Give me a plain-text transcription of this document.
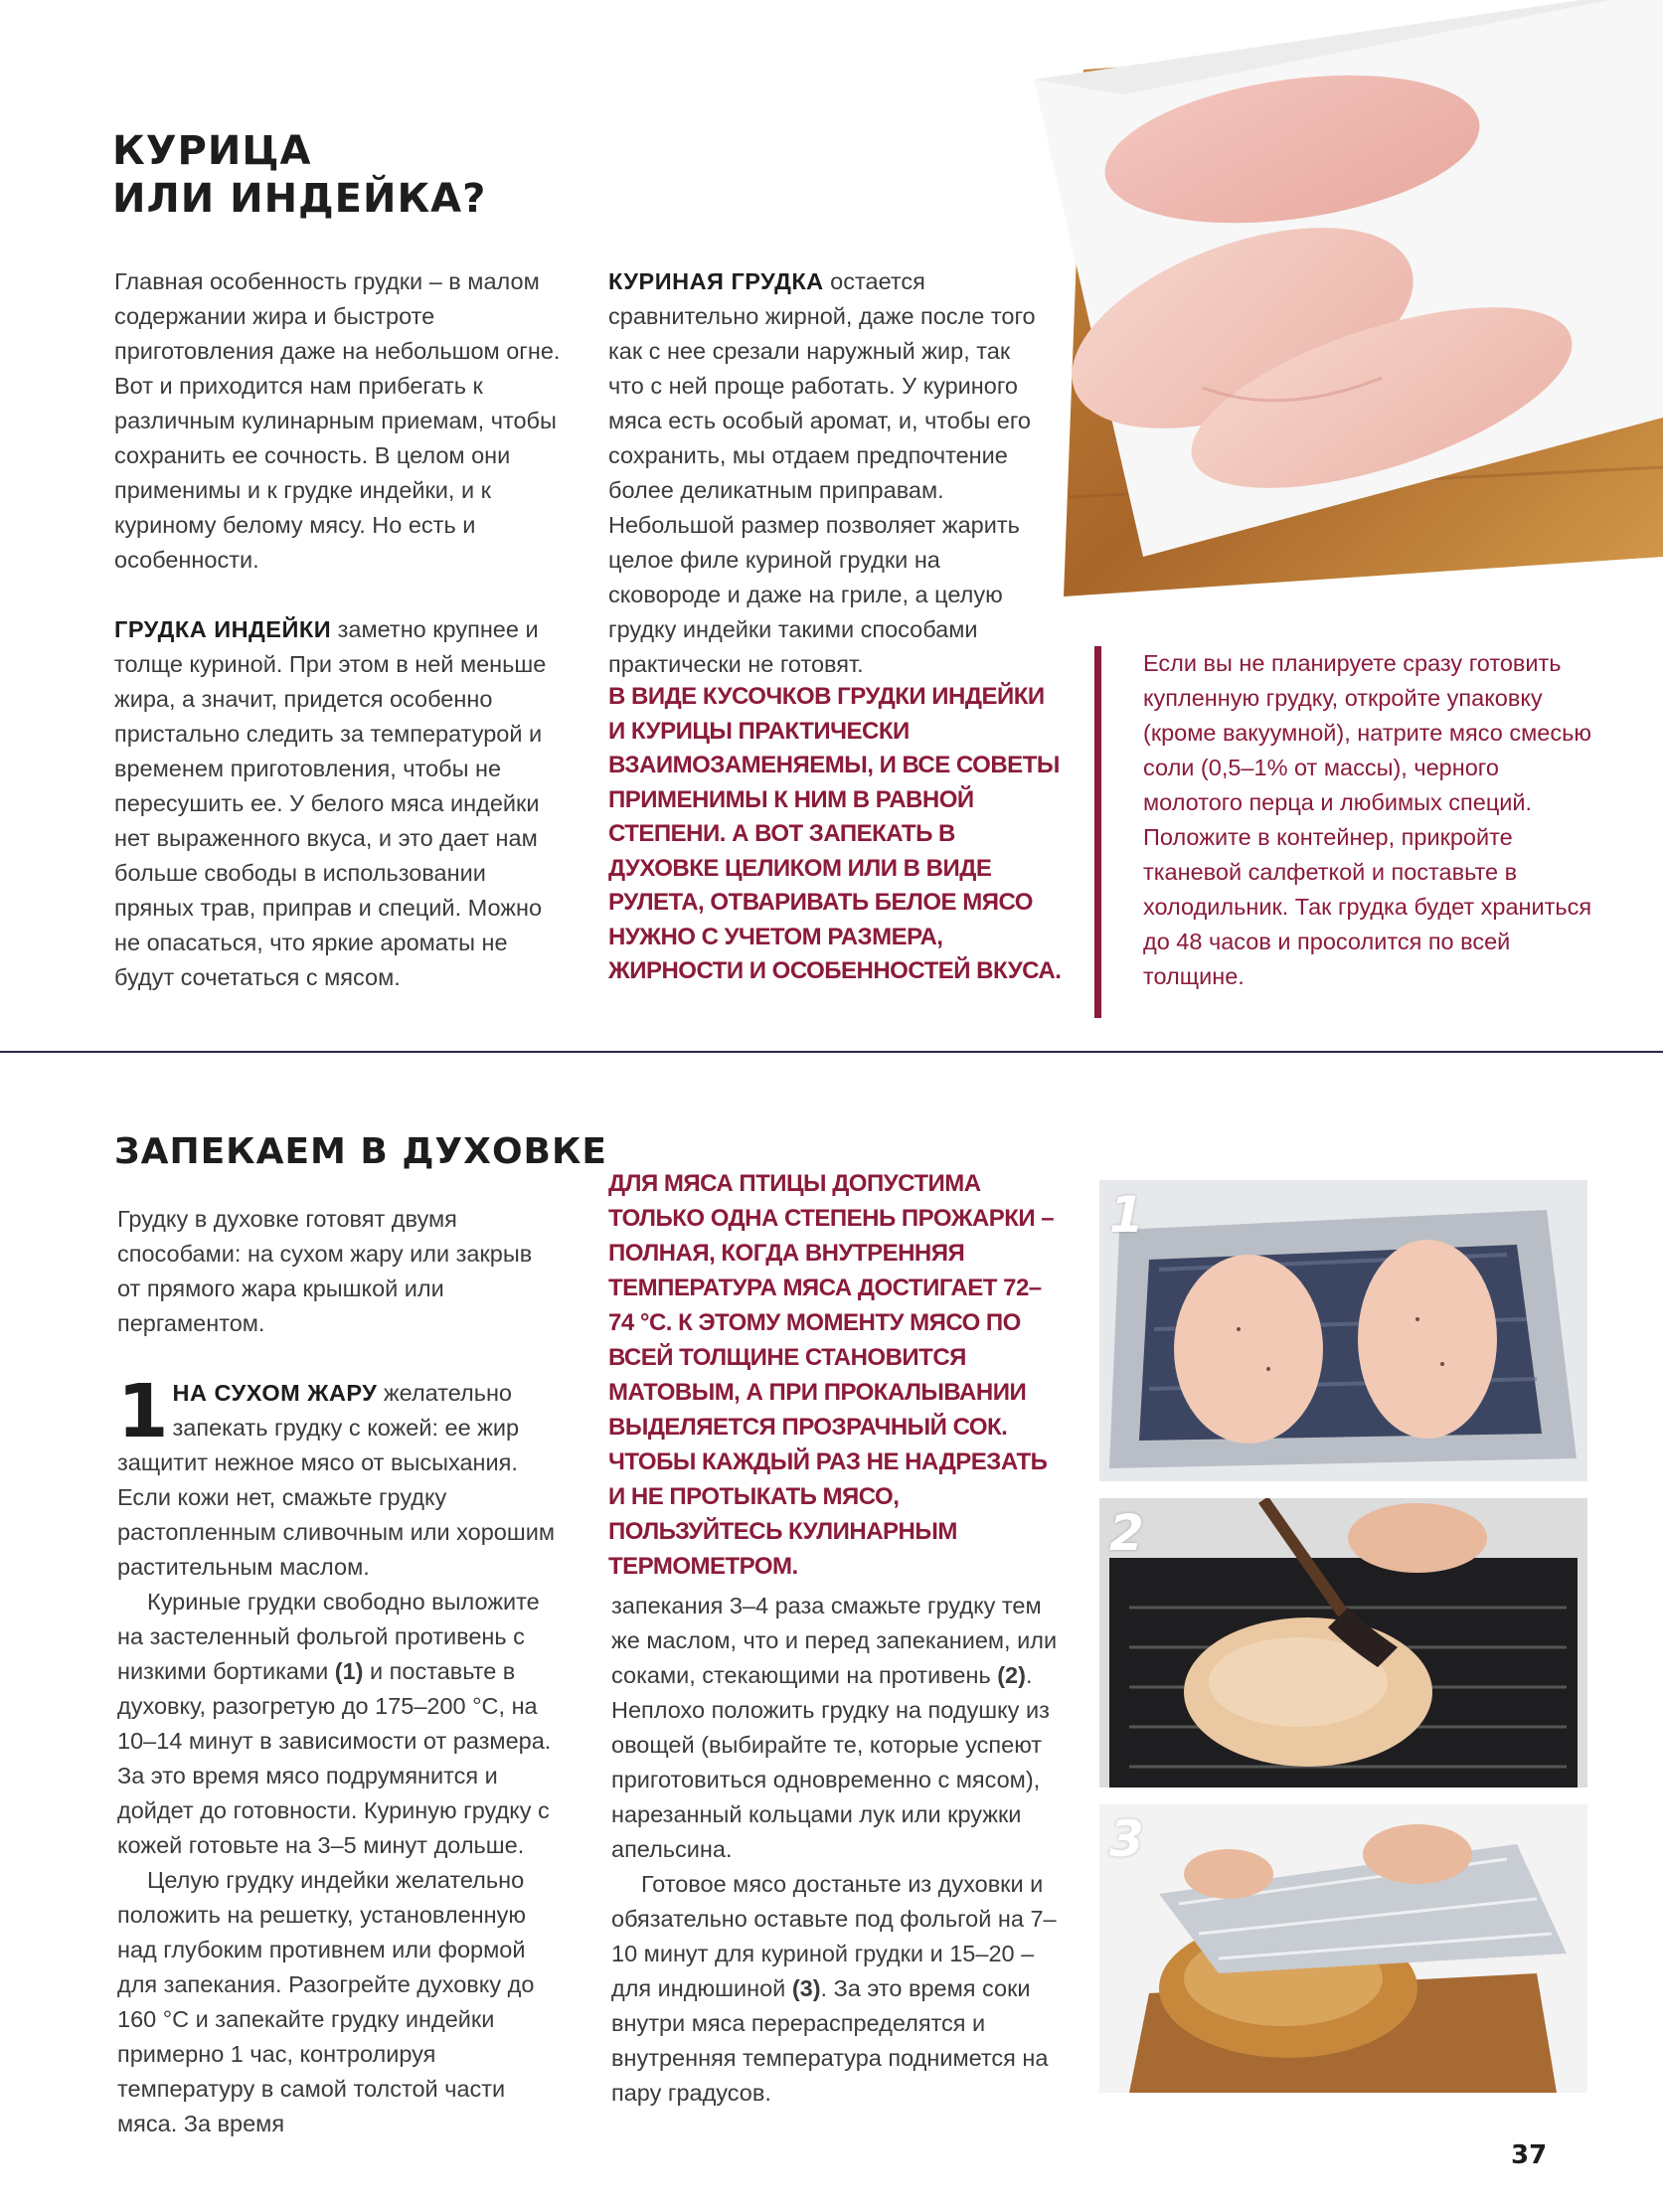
КУРИЦА
ИЛИ ИНДЕЙКА?

Главная особенность грудки – в малом содержании жира и быстроте приготовления даже на небольшом огне. Вот и приходится нам прибегать к различным кулинарным приемам, чтобы сохранить ее сочность. В целом они применимы и к грудке индейки, и к куриному белому мясу. Но есть и особенности.

ГРУДКА ИНДЕЙКИ заметно крупнее и толще куриной. При этом в ней меньше жира, а значит, придется особенно пристально следить за температурой и временем приготовления, чтобы не пересушить ее. У белого мяса индейки нет выраженного вкуса, и это дает нам больше свободы в использовании пряных трав, приправ и специй. Можно не опасаться, что яркие ароматы не будут сочетаться с мясом.

КУРИНАЯ ГРУДКА остается сравнительно жирной, даже после того как с нее срезали наружный жир, так что с ней проще работать. У куриного мяса есть особый аромат, и, чтобы его сохранить, мы отдаем предпочтение более деликатным приправам. Небольшой размер позволяет жарить целое филе куриной грудки на сковороде и даже на гриле, а целую грудку индейки такими способами практически не готовят.

В ВИДЕ КУСОЧКОВ ГРУДКИ ИНДЕЙКИ И КУРИЦЫ ПРАКТИЧЕСКИ ВЗАИМОЗАМЕНЯЕМЫ, И ВСЕ СОВЕТЫ ПРИМЕНИМЫ К НИМ В РАВНОЙ СТЕПЕНИ. А ВОТ ЗАПЕКАТЬ В ДУХОВКЕ ЦЕЛИКОМ ИЛИ В ВИДЕ РУЛЕТА, ОТВАРИВАТЬ БЕЛОЕ МЯСО НУЖНО С УЧЕТОМ РАЗМЕРА, ЖИРНОСТИ И ОСОБЕННОСТЕЙ ВКУСА.

Если вы не планируете сразу готовить купленную грудку, откройте упаковку (кроме вакуумной), натрите мясо смесью соли (0,5–1% от массы), черного молотого перца и любимых специй. Положите в контейнер, прикройте тканевой салфеткой и поставьте в холодильник. Так грудка будет храниться до 48 часов и просолится по всей толщине.

ЗАПЕКАЕМ В ДУХОВКЕ

Грудку в духовке готовят двумя способами: на сухом жару или закрыв от прямого жара крышкой или пергаментом.

1 НА СУХОМ ЖАРУ желательно запекать грудку с кожей: ее жир защитит нежное мясо от высыхания. Если кожи нет, смажьте грудку растопленным сливочным или хорошим растительным маслом.

Куриные грудки свободно выложите на застеленный фольгой противень с низкими бортиками (1) и поставьте в духовку, разогретую до 175–200 °С, на 10–14 минут в зависимости от размера. За это время мясо подрумянится и дойдет до готовности. Куриную грудку с кожей готовьте на 3–5 минут дольше.

Целую грудку индейки желательно положить на решетку, установленную над глубоким противнем или формой для запекания. Разогрейте духовку до 160 °С и запекайте грудку индейки примерно 1 час, контролируя температуру в самой толстой части мяса. За время

ДЛЯ МЯСА ПТИЦЫ ДОПУСТИМА ТОЛЬКО ОДНА СТЕПЕНЬ ПРОЖАРКИ – ПОЛНАЯ, КОГДА ВНУТРЕННЯЯ ТЕМПЕРАТУРА МЯСА ДОСТИГАЕТ 72–74 °С. К ЭТОМУ МОМЕНТУ МЯСО ПО ВСЕЙ ТОЛЩИНЕ СТАНОВИТСЯ МАТОВЫМ, А ПРИ ПРОКАЛЫВАНИИ ВЫДЕЛЯЕТСЯ ПРОЗРАЧНЫЙ СОК. ЧТОБЫ КАЖДЫЙ РАЗ НЕ НАДРЕЗАТЬ И НЕ ПРОТЫКАТЬ МЯСО, ПОЛЬЗУЙТЕСЬ КУЛИНАРНЫМ ТЕРМОМЕТРОМ.

запекания 3–4 раза смажьте грудку тем же маслом, что и перед запеканием, или соками, стекающими на противень (2). Неплохо положить грудку на подушку из овощей (выбирайте те, которые успеют приготовиться одновременно с мясом), нарезанный кольцами лук или кружки апельсина.

Готовое мясо достаньте из духовки и обязательно оставьте под фольгой на 7–10 минут для куриной грудки и 15–20 – для индюшиной (3). За это время соки внутри мяса перераспределятся и внутренняя температура поднимется на пару градусов.

1
2
3
37
